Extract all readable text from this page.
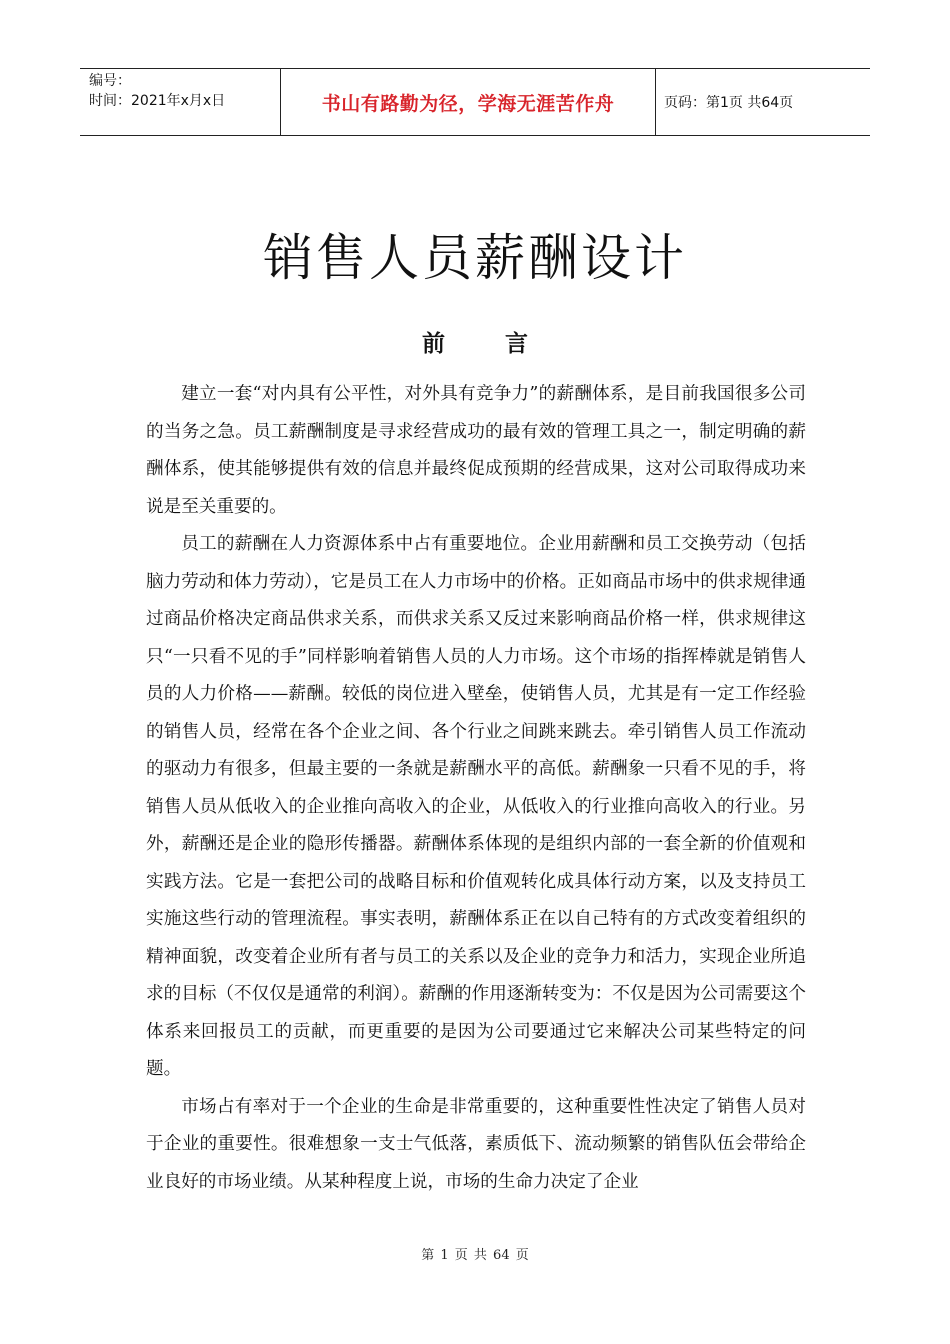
编号：
时间：2021年x月x日	书山有路勤为径，学海无涯苦作舟	页码：第1页 共64页
销售人员薪酬设计
前言

建立一套“对内具有公平性，对外具有竞争力”的薪酬体系，是目前我国很多公司的当务之急。员工薪酬制度是寻求经营成功的最有效的管理工具之一，制定明确的薪酬体系，使其能够提供有效的信息并最终促成预期的经营成果，这对公司取得成功来说是至关重要的。

员工的薪酬在人力资源体系中占有重要地位。企业用薪酬和员工交换劳动（包括脑力劳动和体力劳动），它是员工在人力市场中的价格。正如商品市场中的供求规律通过商品价格决定商品供求关系，而供求关系又反过来影响商品价格一样，供求规律这只“一只看不见的手”同样影响着销售人员的人力市场。这个市场的指挥棒就是销售人员的人力价格——薪酬。较低的岗位进入壁垒，使销售人员，尤其是有一定工作经验的销售人员，经常在各个企业之间、各个行业之间跳来跳去。牵引销售人员工作流动的驱动力有很多，但最主要的一条就是薪酬水平的高低。薪酬象一只看不见的手，将销售人员从低收入的企业推向高收入的企业，从低收入的行业推向高收入的行业。另外，薪酬还是企业的隐形传播器。薪酬体系体现的是组织内部的一套全新的价值观和实践方法。它是一套把公司的战略目标和价值观转化成具体行动方案，以及支持员工实施这些行动的管理流程。事实表明，薪酬体系正在以自己特有的方式改变着组织的精神面貌，改变着企业所有者与员工的关系以及企业的竞争力和活力，实现企业所追求的目标（不仅仅是通常的利润）。薪酬的作用逐渐转变为：不仅是因为公司需要这个体系来回报员工的贡献，而更重要的是因为公司要通过它来解决公司某些特定的问题。

市场占有率对于一个企业的生命是非常重要的，这种重要性性决定了销售人员对于企业的重要性。很难想象一支士气低落，素质低下、流动频繁的销售队伍会带给企业良好的市场业绩。从某种程度上说，市场的生命力决定了企业

第 1 页 共 64 页
